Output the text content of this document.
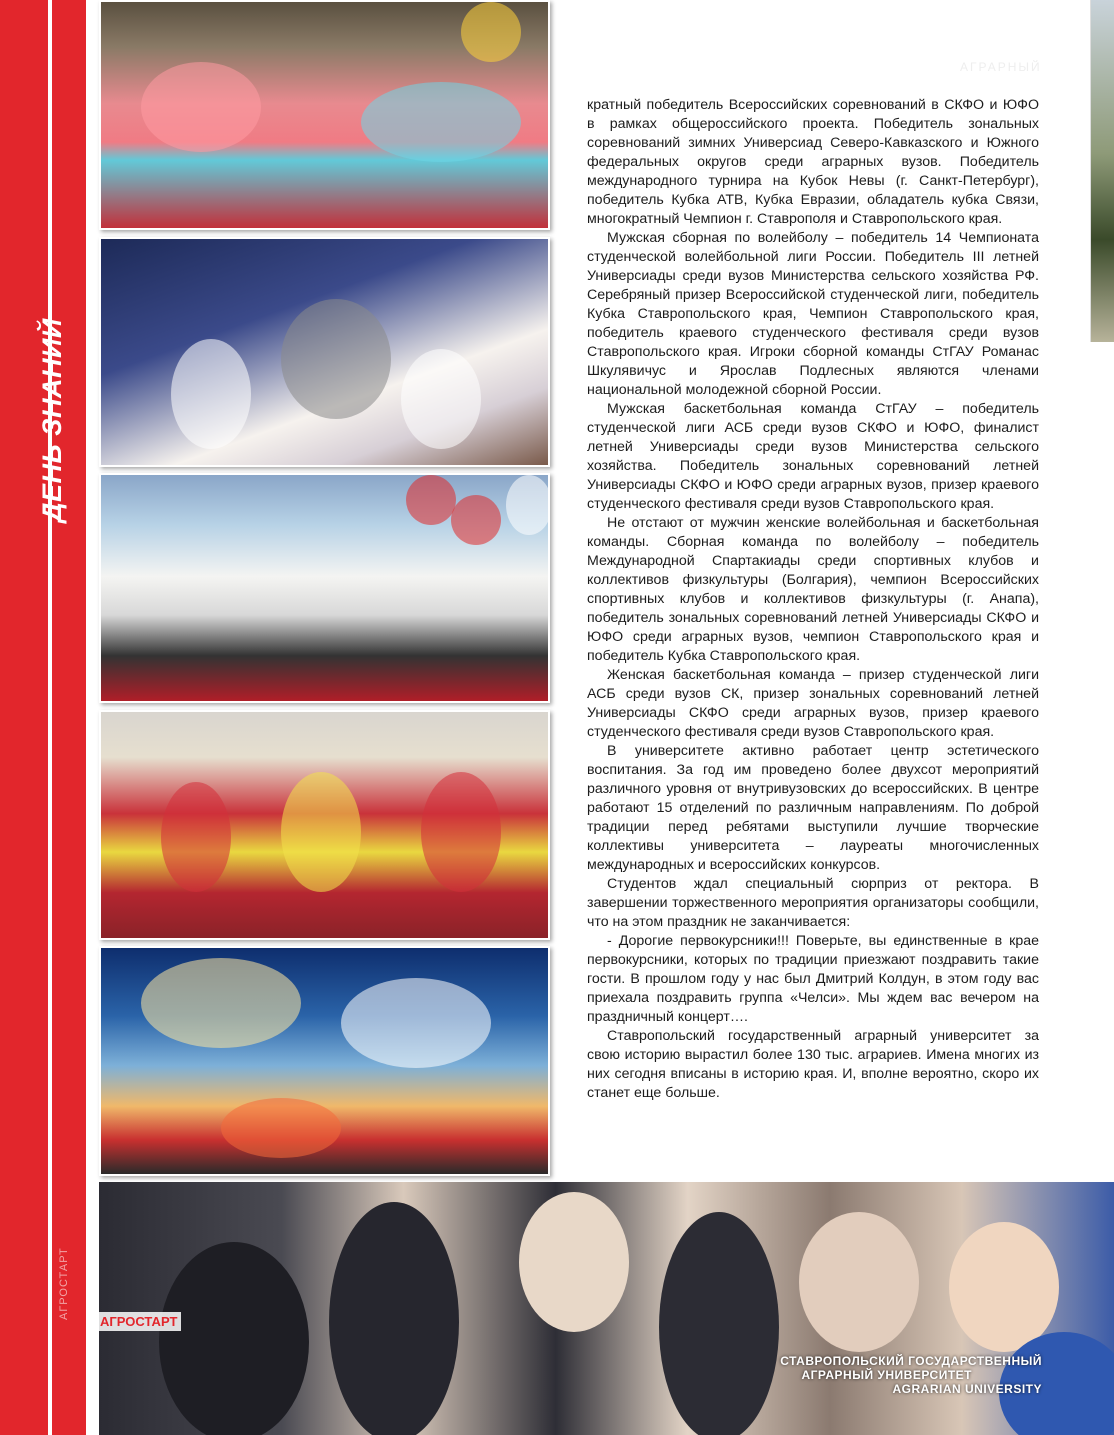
ДЕНЬ ЗНАНИЙ
АГРОСТАРТ
АГРАРНЫЙ

кратный победитель Всероссийских соревнований в СКФО и ЮФО в рамках общероссийского проекта. Победитель зональных соревнований зимних Универсиад Северо-Кавказского и Южного федеральных округов среди аграрных вузов. Победитель международного турнира на Кубок Невы (г. Санкт-Петербург), победитель Кубка АТВ, Кубка Евразии, обладатель кубка Связи, многократный Чемпион г. Ставрополя и Ставропольского края.

Мужская сборная по волейболу – победитель 14 Чемпионата студенческой волейбольной лиги России. Победитель III летней Универсиады среди вузов Министерства сельского хозяйства РФ. Серебряный призер Всероссийской студенческой лиги, победитель Кубка Ставропольского края, Чемпион Ставропольского края, победитель краевого студенческого фестиваля среди вузов Ставропольского края. Игроки сборной команды СтГАУ Романас Шкулявичус и Ярослав Подлесных являются членами национальной молодежной сборной России.

Мужская баскетбольная команда СтГАУ – победитель студенческой лиги АСБ среди вузов СКФО и ЮФО, финалист летней Универсиады среди вузов Министерства сельского хозяйства. Победитель зональных соревнований летней Универсиады СКФО и ЮФО среди аграрных вузов, призер краевого студенческого фестиваля среди вузов Ставропольского края.

Не отстают от мужчин женские волейбольная и баскетбольная команды. Сборная команда по волейболу – победитель Международной Спартакиады среди спортивных клубов и коллективов физкультуры (Болгария), чемпион Всероссийских спортивных клубов и коллективов физкультуры (г. Анапа), победитель зональных соревнований летней Универсиады СКФО и ЮФО среди аграрных вузов, чемпион Ставропольского края и победитель Кубка Ставропольского края.

Женская баскетбольная команда – призер студенческой лиги АСБ среди вузов СК, призер зональных соревнований летней Универсиады СКФО среди аграрных вузов, призер краевого студенческого фестиваля среди вузов Ставропольского края.

В университете активно работает центр эстетического воспитания. За год им проведено более двухсот мероприятий различного уровня от внутривузовских до всероссийских. В центре работают 15 отделений по различным направлениям. По доброй традиции перед ребятами выступили лучшие творческие коллективы университета – лауреаты многочисленных международных и всероссийских конкурсов.

Студентов ждал специальный сюрприз от ректора. В завершении торжественного мероприятия организаторы сообщили, что на этом праздник не заканчивается:

- Дорогие первокурсники!!! Поверьте, вы единственные в крае первокурсники, которых по традиции приезжают поздравить такие гости. В прошлом году у нас был Дмитрий Колдун, в этом году вас приехала поздравить группа «Челси». Мы ждем вас вечером на праздничный концерт….

Ставропольский государственный аграрный университет за свою историю вырастил более 130 тыс. аграриев. Имена многих из них сегодня вписаны в историю края. И, вполне вероятно, скоро их станет еще больше.

АГРОСТАРТ
СТАВРОПОЛЬСКИЙ ГОСУДАРСТВЕННЫЙ
АГРАРНЫЙ УНИВЕРСИТЕТ
AGRARIAN UNIVERSITY
